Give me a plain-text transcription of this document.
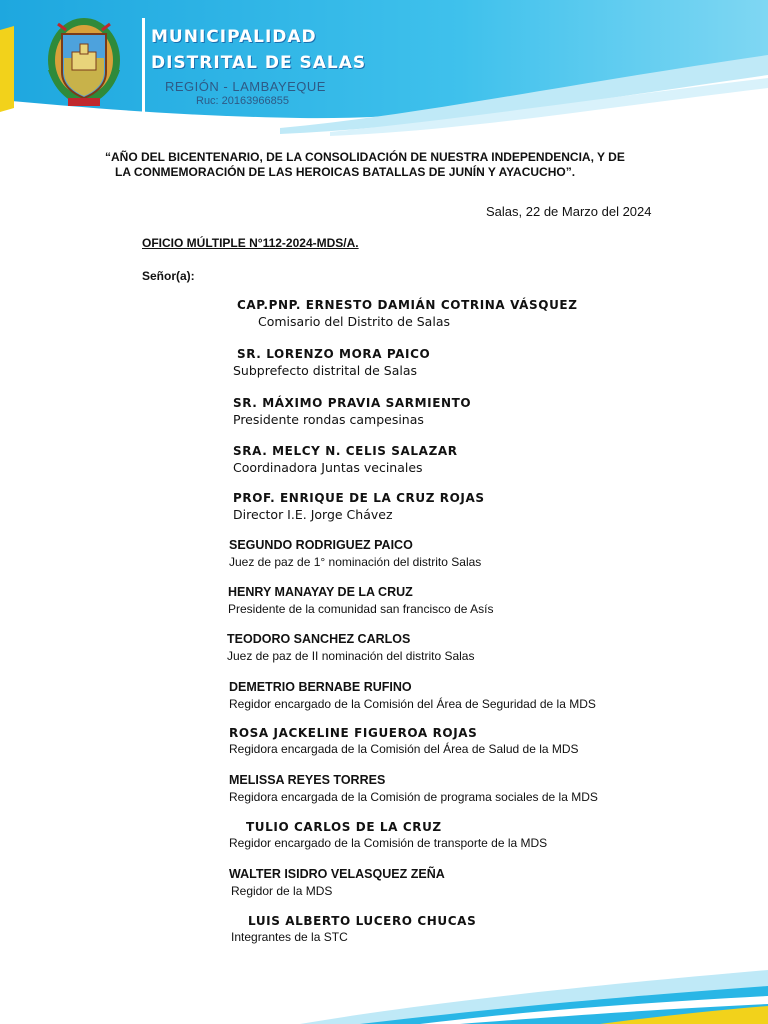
MUNICIPALIDAD
DISTRITAL DE SALAS
REGIÓN - LAMBAYEQUE
Ruc: 20163966855
“AÑO DEL BICENTENARIO, DE LA CONSOLIDACIÓN DE NUESTRA INDEPENDENCIA, Y DE
LA CONMEMORACIÓN DE LAS HEROICAS BATALLAS DE JUNÍN Y AYACUCHO”.
Salas, 22 de Marzo del 2024
OFICIO MÚLTIPLE N°112-2024-MDS/A.
Señor(a):
CAP.PNP. ERNESTO DAMIÁN COTRINA VÁSQUEZ
Comisario del Distrito de Salas
SR. LORENZO MORA PAICO
Subprefecto distrital de Salas
SR. MÁXIMO PRAVIA SARMIENTO
Presidente rondas campesinas
SRA. MELCY N. CELIS SALAZAR
Coordinadora Juntas vecinales
PROF. ENRIQUE DE LA CRUZ ROJAS
Director I.E. Jorge Chávez
SEGUNDO RODRIGUEZ PAICO
Juez de paz de 1° nominación del distrito Salas
HENRY MANAYAY DE LA CRUZ
Presidente de la comunidad san francisco de Asís
TEODORO SANCHEZ CARLOS
Juez de paz de II nominación del distrito Salas
DEMETRIO BERNABE RUFINO
Regidor encargado de la Comisión del Área de Seguridad de la MDS
ROSA JACKELINE FIGUEROA ROJAS
Regidora encargada de la Comisión del Área de Salud de la MDS
MELISSA REYES TORRES
Regidora encargada de la Comisión de programa sociales de la MDS
TULIO CARLOS DE LA CRUZ
Regidor encargado de la Comisión de transporte de la MDS
WALTER ISIDRO VELASQUEZ ZEÑA
Regidor de la MDS
LUIS ALBERTO LUCERO CHUCAS
Integrantes de la STC
